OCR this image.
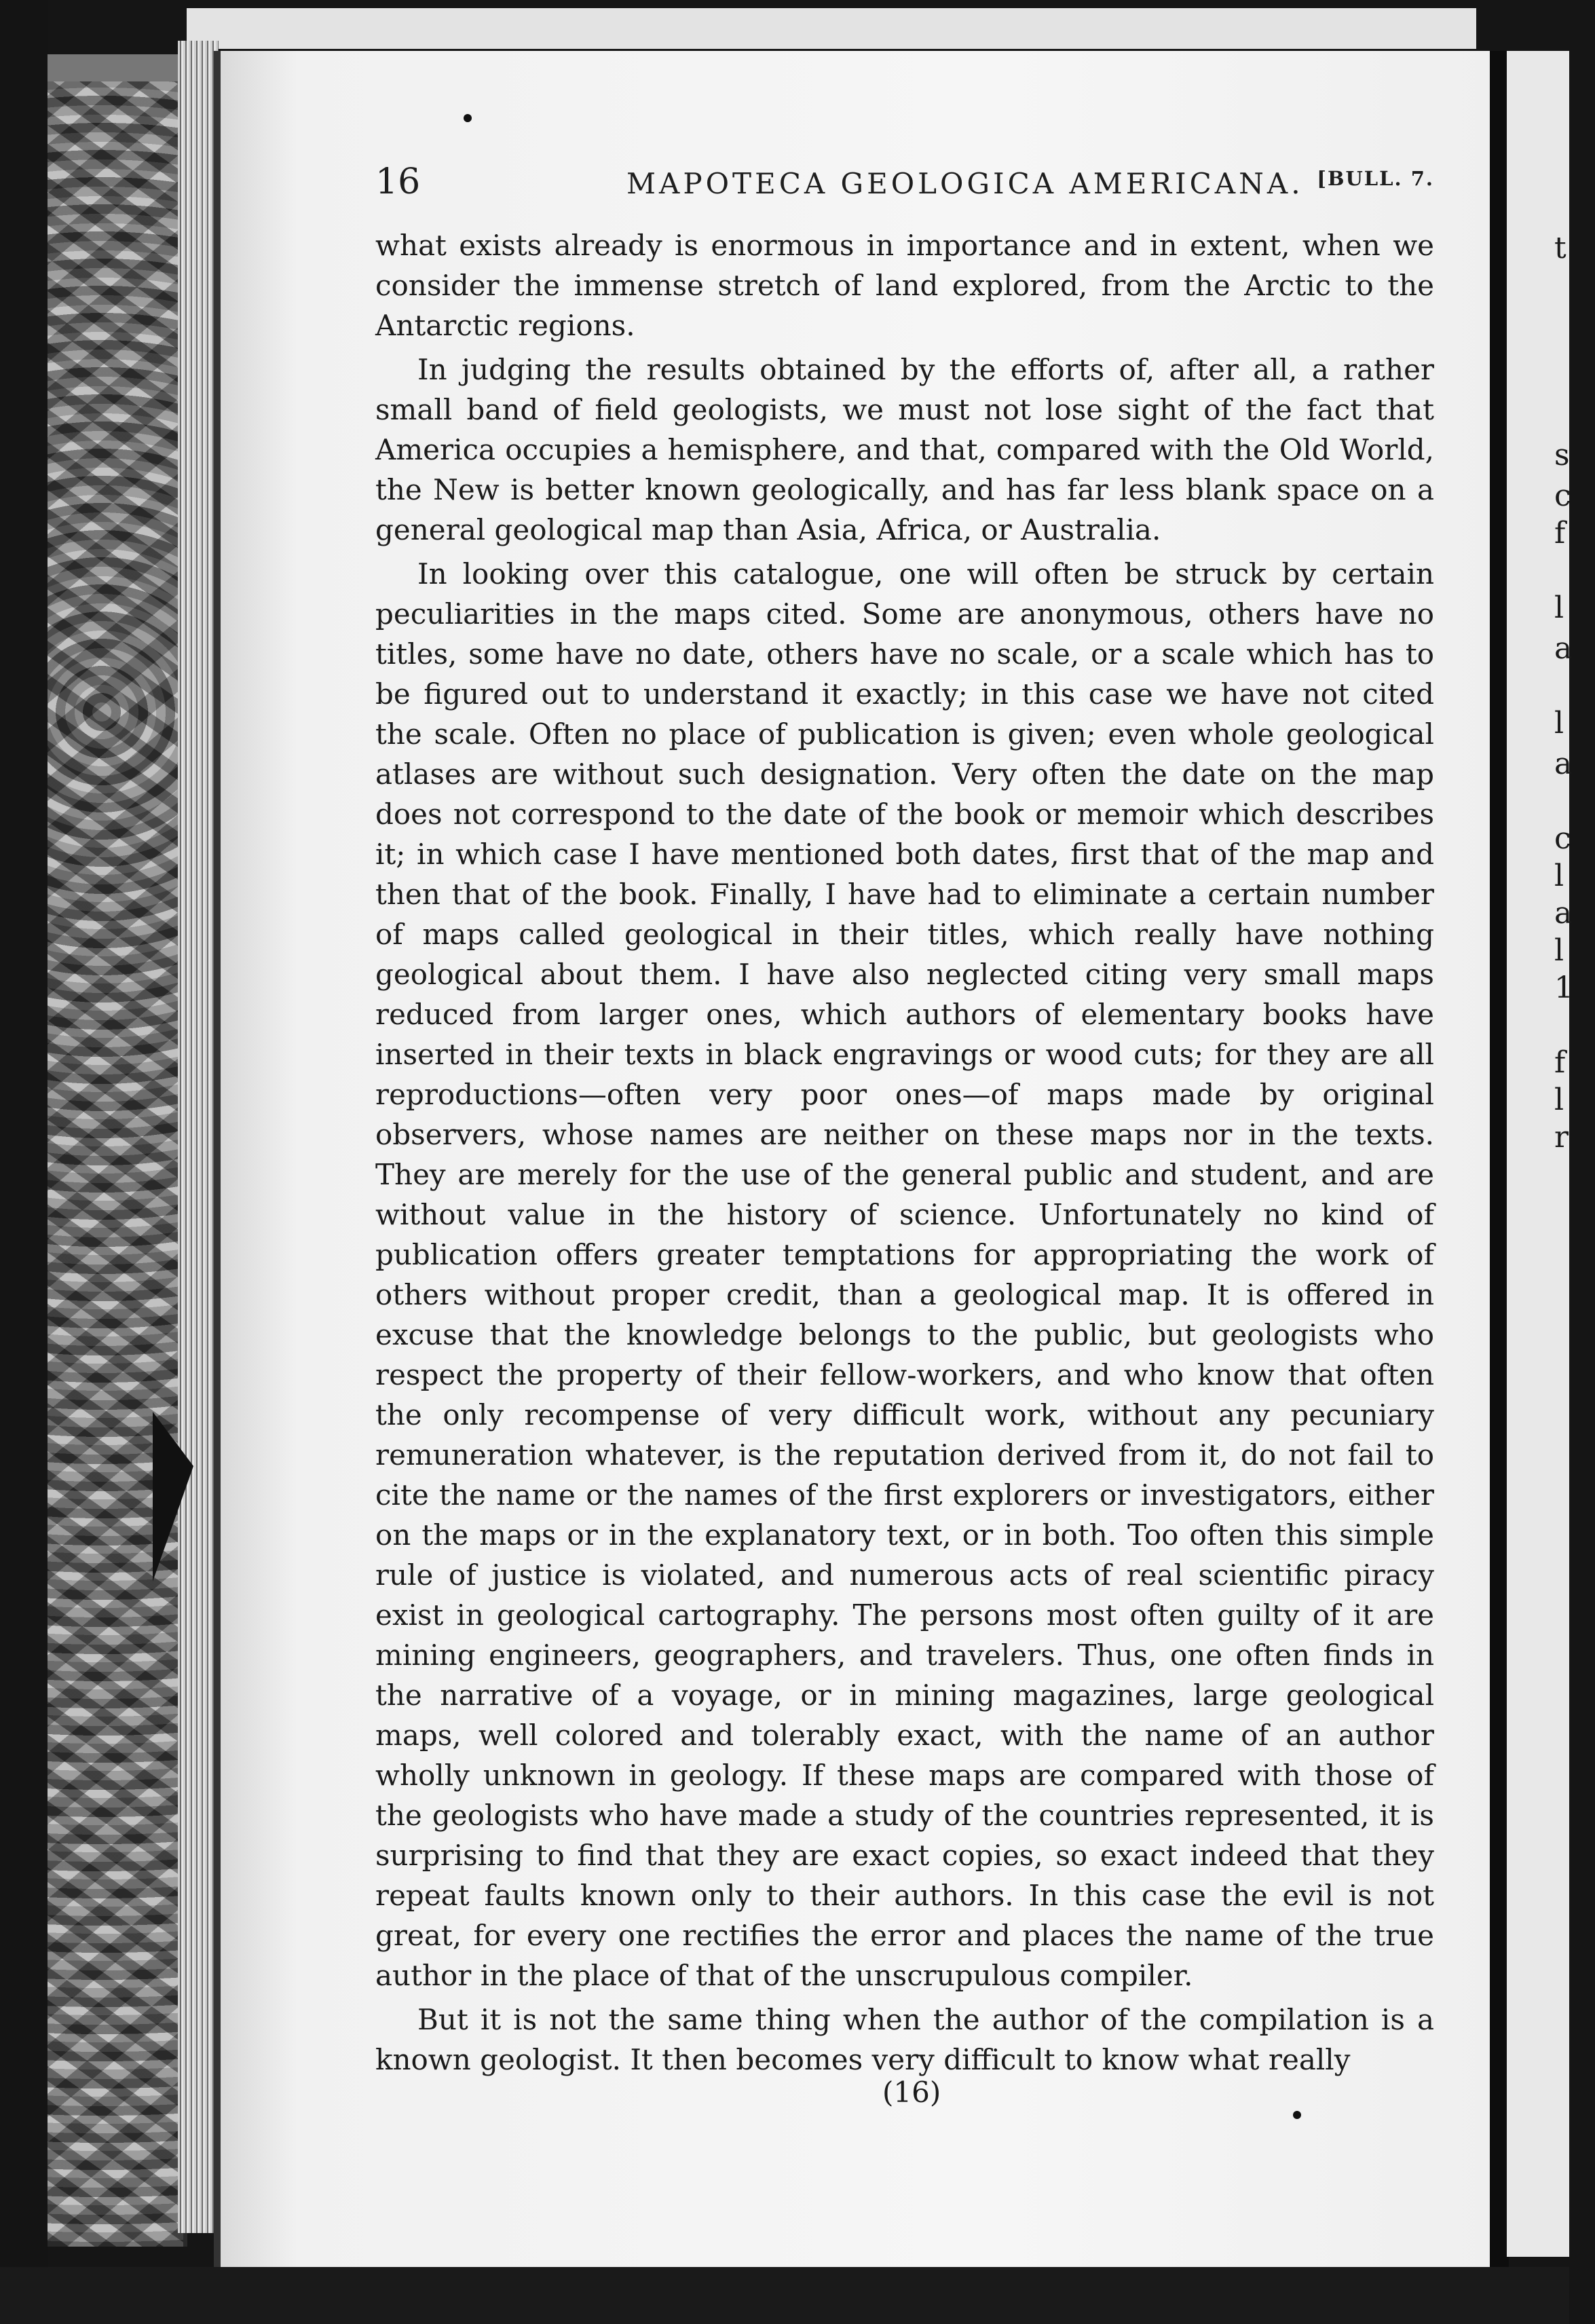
t
s
c
f
l
a
l
a
c
l
a
l
1
f
l
r
16	MAPOTECA GEOLOGICA AMERICANA. [BULL. 7.

what exists already is enormous in importance and in extent, when we consider the immense stretch of land explored, from the Arctic to the Antarctic regions.

In judging the results obtained by the efforts of, after all, a rather small band of field geologists, we must not lose sight of the fact that America occupies a hemisphere, and that, compared with the Old World, the New is better known geologically, and has far less blank space on a general geological map than Asia, Africa, or Australia.

In looking over this catalogue, one will often be struck by certain peculiarities in the maps cited. Some are anonymous, others have no titles, some have no date, others have no scale, or a scale which has to be figured out to understand it exactly; in this case we have not cited the scale. Often no place of publication is given; even whole geological atlases are without such designation. Very often the date on the map does not correspond to the date of the book or memoir which describes it; in which case I have mentioned both dates, first that of the map and then that of the book. Finally, I have had to eliminate a certain number of maps called geological in their titles, which really have nothing geological about them. I have also neglected citing very small maps reduced from larger ones, which authors of elementary books have inserted in their texts in black engravings or wood cuts; for they are all reproductions—often very poor ones—of maps made by original observers, whose names are neither on these maps nor in the texts. They are merely for the use of the general public and student, and are without value in the history of science. Unfortunately no kind of publication offers greater temptations for appropriating the work of others without proper credit, than a geological map. It is offered in excuse that the knowledge belongs to the public, but geologists who respect the property of their fellow-workers, and who know that often the only recompense of very difficult work, without any pecuniary remuneration whatever, is the reputation derived from it, do not fail to cite the name or the names of the first explorers or investigators, either on the maps or in the explanatory text, or in both. Too often this simple rule of justice is violated, and numerous acts of real scientific piracy exist in geological cartography. The persons most often guilty of it are mining engineers, geographers, and travelers. Thus, one often finds in the narrative of a voyage, or in mining magazines, large geological maps, well colored and tolerably exact, with the name of an author wholly unknown in geology. If these maps are compared with those of the geologists who have made a study of the countries represented, it is surprising to find that they are exact copies, so exact indeed that they repeat faults known only to their authors. In this case the evil is not great, for every one rectifies the error and places the name of the true author in the place of that of the unscrupulous compiler.

But it is not the same thing when the author of the compilation is a known geologist. It then becomes very difficult to know what really

(16)
